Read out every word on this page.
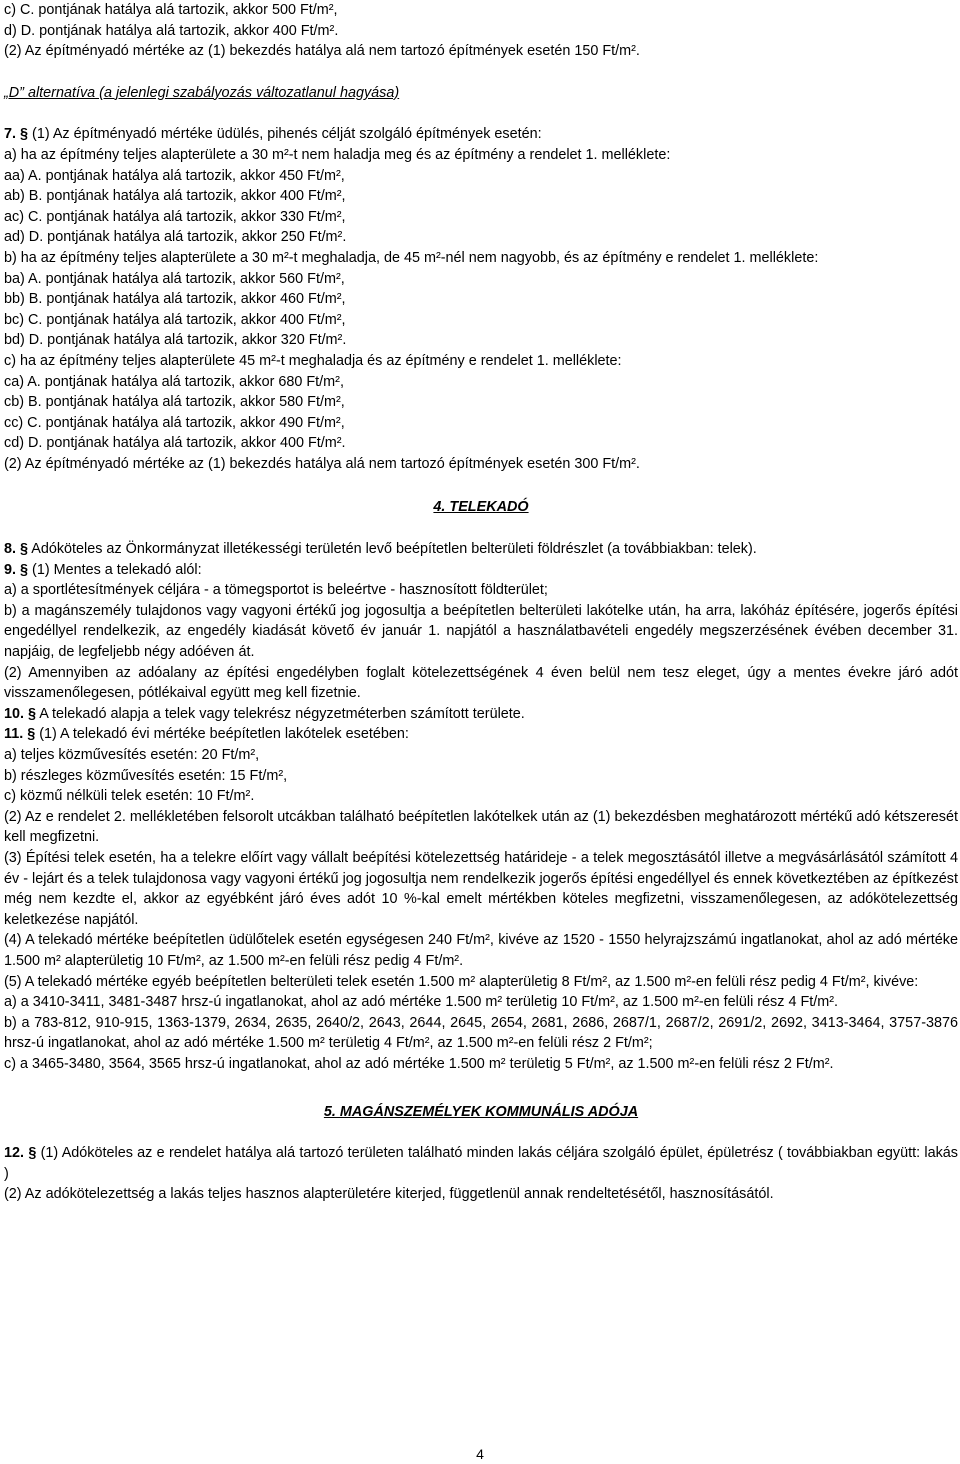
c) C. pontjának hatálya alá tartozik, akkor 500 Ft/m²,
d) D. pontjának hatálya alá tartozik, akkor 400 Ft/m².
(2) Az építményadó mértéke az (1) bekezdés hatálya alá nem tartozó építmények esetén 150 Ft/m².
„D” alternatíva (a jelenlegi szabályozás változatlanul hagyása)
7. § (1) Az építményadó mértéke üdülés, pihenés célját szolgáló építmények esetén:
a) ha az építmény teljes alapterülete a 30 m²-t nem haladja meg és az építmény a rendelet 1. melléklete:
aa) A. pontjának hatálya alá tartozik, akkor 450 Ft/m²,
ab) B. pontjának hatálya alá tartozik, akkor 400 Ft/m²,
ac) C. pontjának hatálya alá tartozik, akkor 330 Ft/m²,
ad) D. pontjának hatálya alá tartozik, akkor 250 Ft/m².
b) ha az építmény teljes alapterülete a 30 m²-t meghaladja, de 45 m²-nél nem nagyobb, és az építmény e rendelet 1. melléklete:
ba) A. pontjának hatálya alá tartozik, akkor 560 Ft/m²,
bb) B. pontjának hatálya alá tartozik, akkor 460 Ft/m²,
bc) C. pontjának hatálya alá tartozik, akkor 400 Ft/m²,
bd) D. pontjának hatálya alá tartozik, akkor 320 Ft/m².
c) ha az építmény teljes alapterülete 45 m²-t meghaladja és az építmény e rendelet 1. melléklete:
ca) A. pontjának hatálya alá tartozik, akkor 680 Ft/m²,
cb) B. pontjának hatálya alá tartozik, akkor 580 Ft/m²,
cc) C. pontjának hatálya alá tartozik, akkor 490 Ft/m²,
cd) D. pontjának hatálya alá tartozik, akkor 400 Ft/m².
(2) Az építményadó mértéke az (1) bekezdés hatálya alá nem tartozó építmények esetén 300 Ft/m².
4. TELEKADÓ
8. § Adóköteles az Önkormányzat illetékességi területén levő beépítetlen belterületi földrészlet (a továbbiakban: telek).
9. § (1) Mentes a telekadó alól:
a) a sportlétesítmények céljára - a tömegsportot is beleértve - hasznosított földterület;
b) a magánszemély tulajdonos vagy vagyoni értékű jog jogosultja a beépítetlen belterületi lakótelke után, ha arra, lakóház építésére, jogerős építési engedéllyel rendelkezik, az engedély kiadását követő év január 1. napjától a használatbavételi engedély megszerzésének évében december 31. napjáig, de legfeljebb négy adóéven át.
(2) Amennyiben az adóalany az építési engedélyben foglalt kötelezettségének 4 éven belül nem tesz eleget, úgy a mentes évekre járó adót visszamenőlegesen, pótlékaival együtt meg kell fizetnie.
10. § A telekadó alapja a telek vagy telekrész négyzetméterben számított területe.
11. § (1) A telekadó évi mértéke beépítetlen lakótelek esetében:
a) teljes közművesítés esetén: 20 Ft/m²,
b) részleges közművesítés esetén: 15 Ft/m²,
c) közmű nélküli telek esetén: 10 Ft/m².
(2) Az e rendelet 2. mellékletében felsorolt utcákban található beépítetlen lakótelkek után az (1) bekezdésben meghatározott mértékű adó kétszeresét kell megfizetni.
(3) Építési telek esetén, ha a telekre előírt vagy vállalt beépítési kötelezettség határideje - a telek megosztásától illetve a megvásárlásától számított 4 év - lejárt és a telek tulajdonosa vagy vagyoni értékű jog jogosultja nem rendelkezik jogerős építési engedéllyel és ennek következtében az építkezést még nem kezdte el, akkor az egyébként járó éves adót 10 %-kal emelt mértékben köteles megfizetni, visszamenőlegesen, az adókötelezettség keletkezése napjától.
(4) A telekadó mértéke beépítetlen üdülőtelek esetén egységesen 240 Ft/m², kivéve az 1520 - 1550 helyrajzszámú ingatlanokat, ahol az adó mértéke 1.500 m² alapterületig 10 Ft/m², az 1.500 m²-en felüli rész pedig 4 Ft/m².
(5) A telekadó mértéke egyéb beépítetlen belterületi telek esetén 1.500 m² alapterületig 8 Ft/m², az 1.500 m²-en felüli rész pedig 4 Ft/m², kivéve:
a) a 3410-3411, 3481-3487 hrsz-ú ingatlanokat, ahol az adó mértéke 1.500 m² területig 10 Ft/m², az 1.500 m²-en felüli rész 4 Ft/m².
b) a 783-812, 910-915, 1363-1379, 2634, 2635, 2640/2, 2643, 2644, 2645, 2654, 2681, 2686, 2687/1, 2687/2, 2691/2, 2692, 3413-3464, 3757-3876 hrsz-ú ingatlanokat, ahol az adó mértéke 1.500 m² területig 4 Ft/m², az 1.500 m²-en felüli rész 2 Ft/m²;
c) a 3465-3480, 3564, 3565 hrsz-ú ingatlanokat, ahol az adó mértéke 1.500 m² területig 5 Ft/m², az 1.500 m²-en felüli rész 2 Ft/m².
5. MAGÁNSZEMÉLYEK KOMMUNÁLIS ADÓJA
12. § (1) Adóköteles az e rendelet hatálya alá tartozó területen található minden lakás céljára szolgáló épület, épületrész ( továbbiakban együtt: lakás )
(2) Az adókötelezettség a lakás teljes hasznos alapterületére kiterjed, függetlenül annak rendeltetésétől, hasznosításától.
4
